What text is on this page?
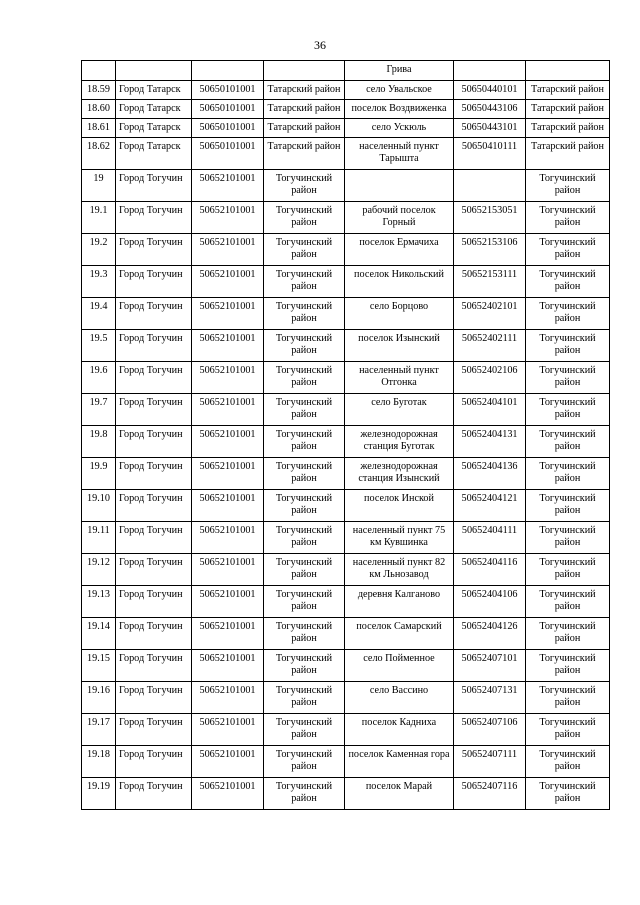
36
				Грива		
18.59	Город Татарск	50650101001	Татарский район	село Увальское	50650440101	Татарский район
18.60	Город Татарск	50650101001	Татарский район	поселок Воздвиженка	50650443106	Татарский район
18.61	Город Татарск	50650101001	Татарский район	село Ускюль	50650443101	Татарский район
18.62	Город Татарск	50650101001	Татарский район	населенный пункт Тарышта	50650410111	Татарский район
19	Город Тогучин	50652101001	Тогучинский район			Тогучинский район
19.1	Город Тогучин	50652101001	Тогучинский район	рабочий поселок Горный	50652153051	Тогучинский район
19.2	Город Тогучин	50652101001	Тогучинский район	поселок Ермачиха	50652153106	Тогучинский район
19.3	Город Тогучин	50652101001	Тогучинский район	поселок Никольский	50652153111	Тогучинский район
19.4	Город Тогучин	50652101001	Тогучинский район	село Борцово	50652402101	Тогучинский район
19.5	Город Тогучин	50652101001	Тогучинский район	поселок Изынский	50652402111	Тогучинский район
19.6	Город Тогучин	50652101001	Тогучинский район	населенный пункт Отгонка	50652402106	Тогучинский район
19.7	Город Тогучин	50652101001	Тогучинский район	село Буготак	50652404101	Тогучинский район
19.8	Город Тогучин	50652101001	Тогучинский район	железнодорожная станция Буготак	50652404131	Тогучинский район
19.9	Город Тогучин	50652101001	Тогучинский район	железнодорожная станция Изынский	50652404136	Тогучинский район
19.10	Город Тогучин	50652101001	Тогучинский район	поселок Инской	50652404121	Тогучинский район
19.11	Город Тогучин	50652101001	Тогучинский район	населенный пункт 75 км Кувшинка	50652404111	Тогучинский район
19.12	Город Тогучин	50652101001	Тогучинский район	населенный пункт 82 км Льнозавод	50652404116	Тогучинский район
19.13	Город Тогучин	50652101001	Тогучинский район	деревня Калганово	50652404106	Тогучинский район
19.14	Город Тогучин	50652101001	Тогучинский район	поселок Самарский	50652404126	Тогучинский район
19.15	Город Тогучин	50652101001	Тогучинский район	село Пойменное	50652407101	Тогучинский район
19.16	Город Тогучин	50652101001	Тогучинский район	село Вассино	50652407131	Тогучинский район
19.17	Город Тогучин	50652101001	Тогучинский район	поселок Кадниха	50652407106	Тогучинский район
19.18	Город Тогучин	50652101001	Тогучинский район	поселок Каменная гора	50652407111	Тогучинский район
19.19	Город Тогучин	50652101001	Тогучинский район	поселок Марай	50652407116	Тогучинский район
